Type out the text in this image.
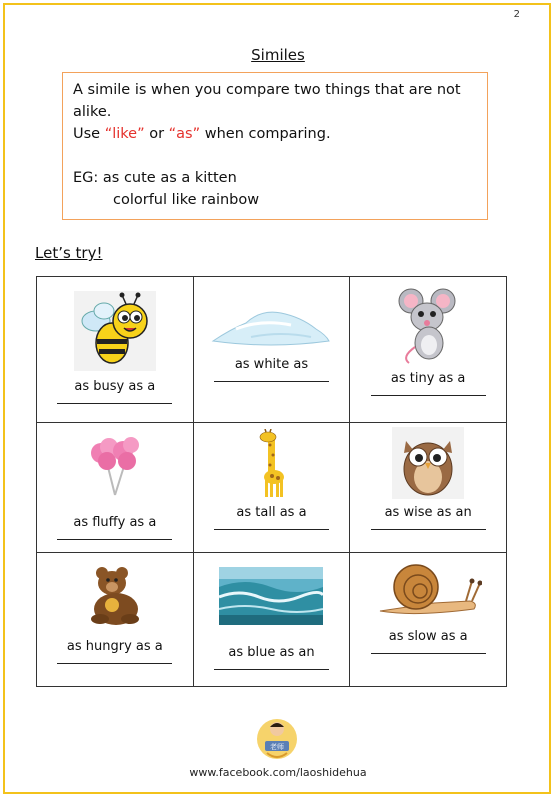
2
Similes
A simile is when you compare two things that are not alike.
Use “like” or “as” when comparing.
EG: as cute as a kitten
colorful like rainbow
Let’s try!
as busy as a	as white as	as tiny as a

as fluffy as a	as tall as a	as wise as an

as hungry as a	as blue as an	as slow as a
老师
www.facebook.com/laoshidehua
